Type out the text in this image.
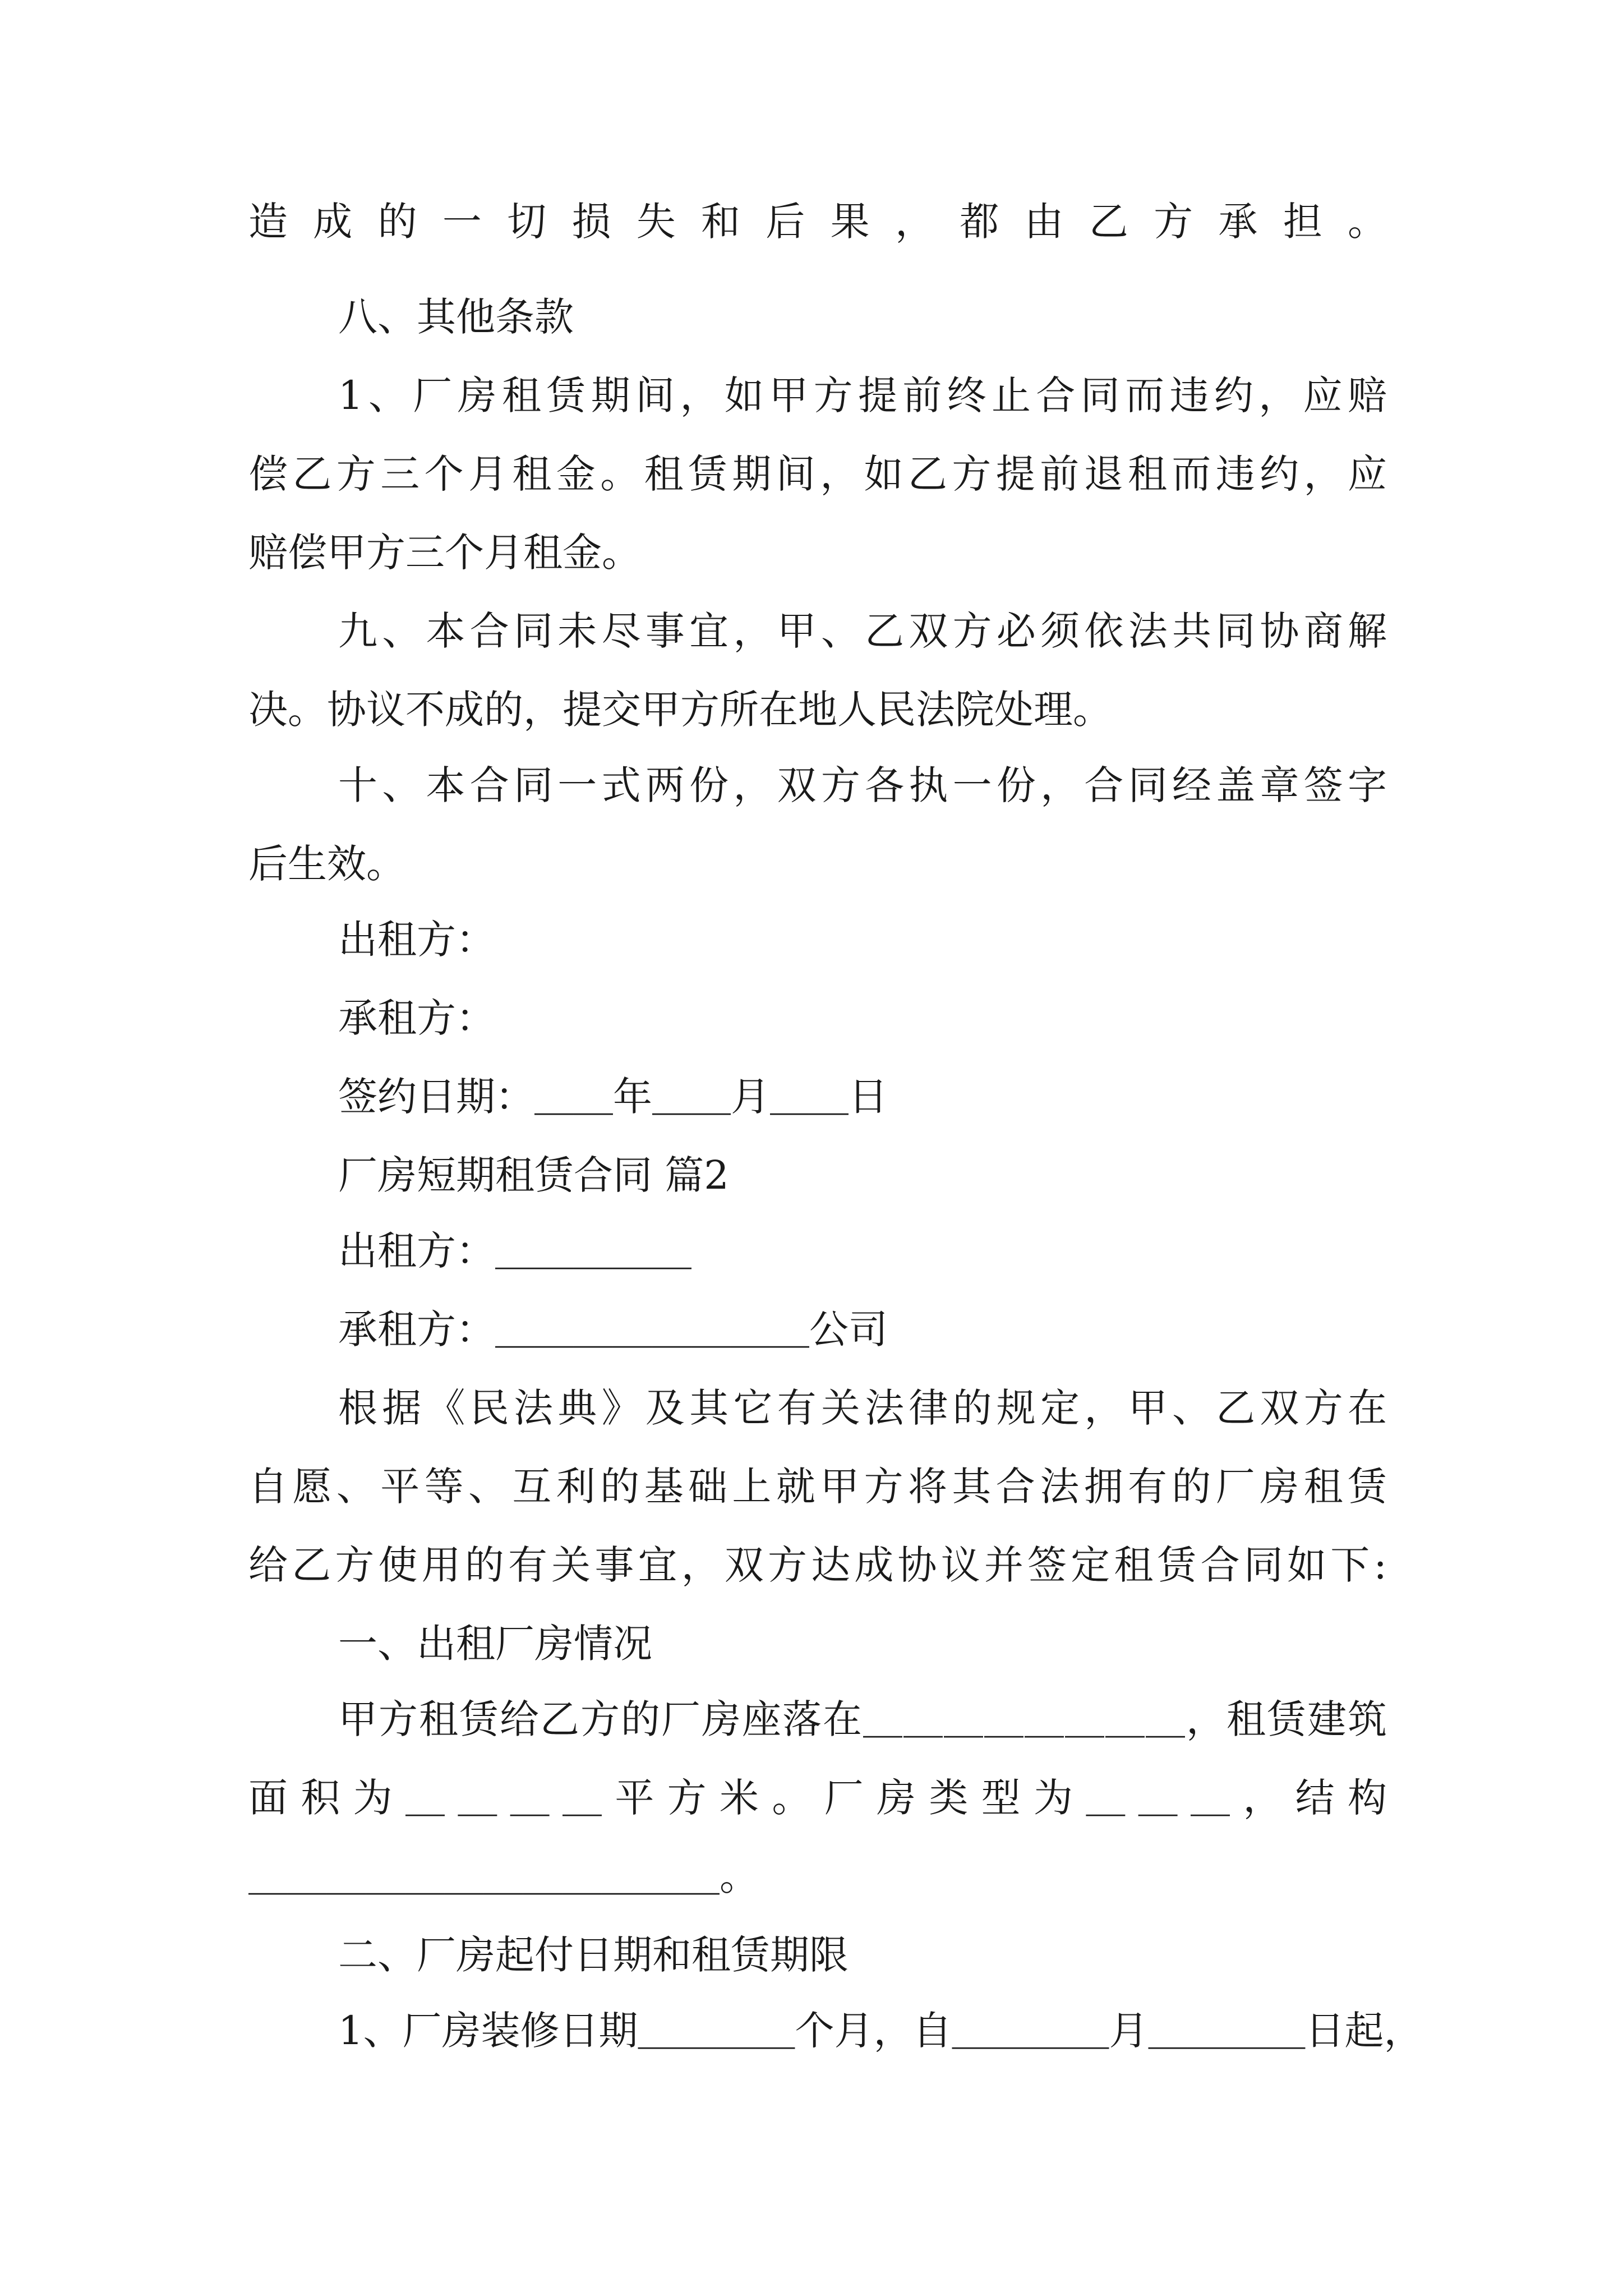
造成的一切损失和后果，都由乙方承担。
八、其他条款
1、厂房租赁期间，如甲方提前终止合同而违约，应赔
偿乙方三个月租金。租赁期间，如乙方提前退租而违约，应
赔偿甲方三个月租金。
九、本合同未尽事宜，甲、乙双方必须依法共同协商解
决。协议不成的，提交甲方所在地人民法院处理。
十、本合同一式两份，双方各执一份，合同经盖章签字
后生效。
出租方：
承租方：
签约日期：＿＿年＿＿月＿＿日
厂房短期租赁合同 篇2
出租方：＿＿＿＿＿
承租方：＿＿＿＿＿＿＿＿公司
根据《民法典》及其它有关法律的规定，甲、乙双方在
自愿、平等、互利的基础上就甲方将其合法拥有的厂房租赁
给乙方使用的有关事宜，双方达成协议并签定租赁合同如下:
一、出租厂房情况
甲方租赁给乙方的厂房座落在＿＿＿＿＿＿＿＿，租赁建筑
面积为＿＿＿＿平方米。厂房类型为＿＿＿，结构
＿＿＿＿＿＿＿＿＿＿＿＿。
二、厂房起付日期和租赁期限
1、厂房装修日期＿＿＿＿个月，自＿＿＿＿月＿＿＿＿日起，
